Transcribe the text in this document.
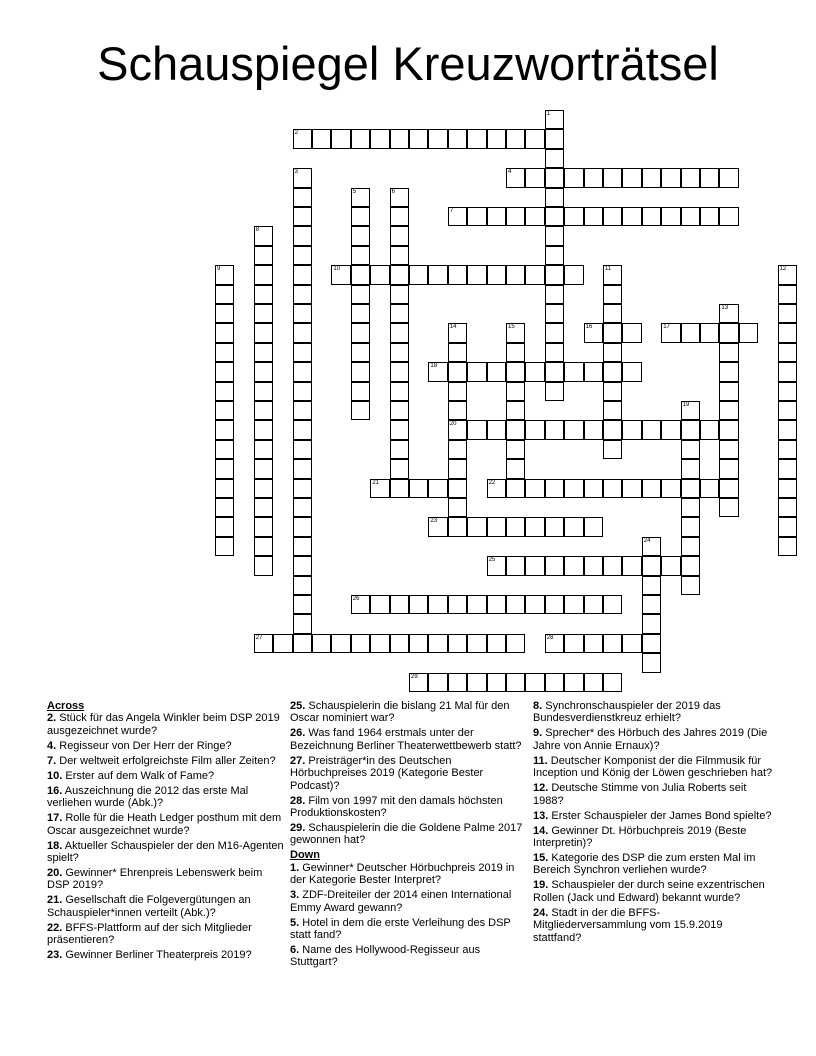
Schauspiegel Kreuzworträtsel
2
4
7
10
16	17
18
20
21	22
23
25
26
27	28
29
1
3
5	6
8
9	11	12
13
14	15
19
24
Across
2. Stück für das Angela Winkler beim DSP 2019 ausgezeichnet wurde?
4. Regisseur von Der Herr der Ringe?
7. Der weltweit erfolgreichste Film aller Zeiten?
10. Erster auf dem Walk of Fame?
16. Auszeichnung die 2012 das erste Mal verliehen wurde (Abk.)?
17. Rolle für die Heath Ledger posthum mit dem Oscar ausgezeichnet wurde?
18. Aktueller Schauspieler der den M16-Agenten spielt?
20. Gewinner* Ehrenpreis Lebenswerk beim DSP 2019?
21. Gesellschaft die Folgevergütungen an Schauspieler*innen verteilt (Abk.)?
22. BFFS-Plattform auf der sich Mitglieder präsentieren?
23. Gewinner Berliner Theaterpreis 2019?
25. Schauspielerin die bislang 21 Mal für den Oscar nominiert war?
26. Was fand 1964 erstmals unter der Bezeichnung Berliner Theaterwettbewerb statt?
27. Preisträger*in des Deutschen Hörbuchpreises 2019 (Kategorie Bester Podcast)?
28. Film von 1997 mit den damals höchsten Produktionskosten?
29. Schauspielerin die die Goldene Palme 2017 gewonnen hat?
Down
1. Gewinner* Deutscher Hörbuchpreis 2019 in der Kategorie Bester Interpret?
3. ZDF-Dreiteiler der 2014 einen International Emmy Award gewann?
5. Hotel in dem die erste Verleihung des DSP statt fand?
6. Name des Hollywood-Regisseur aus Stuttgart?
8. Synchronschauspieler der 2019 das Bundesverdienstkreuz erhielt?
9. Sprecher* des Hörbuch des Jahres 2019 (Die Jahre von Annie Ernaux)?
11. Deutscher Komponist der die Filmmusik für Inception und König der Löwen geschrieben hat?
12. Deutsche Stimme von Julia Roberts seit 1988?
13. Erster Schauspieler der James Bond spielte?
14. Gewinner Dt. Hörbuchpreis 2019 (Beste Interpretin)?
15. Kategorie des DSP die zum ersten Mal im Bereich Synchron verliehen wurde?
19. Schauspieler der durch seine exzentrischen Rollen (Jack und Edward) bekannt wurde?
24. Stadt in der die BFFS-Mitgliederversammlung vom 15.9.2019 stattfand?
